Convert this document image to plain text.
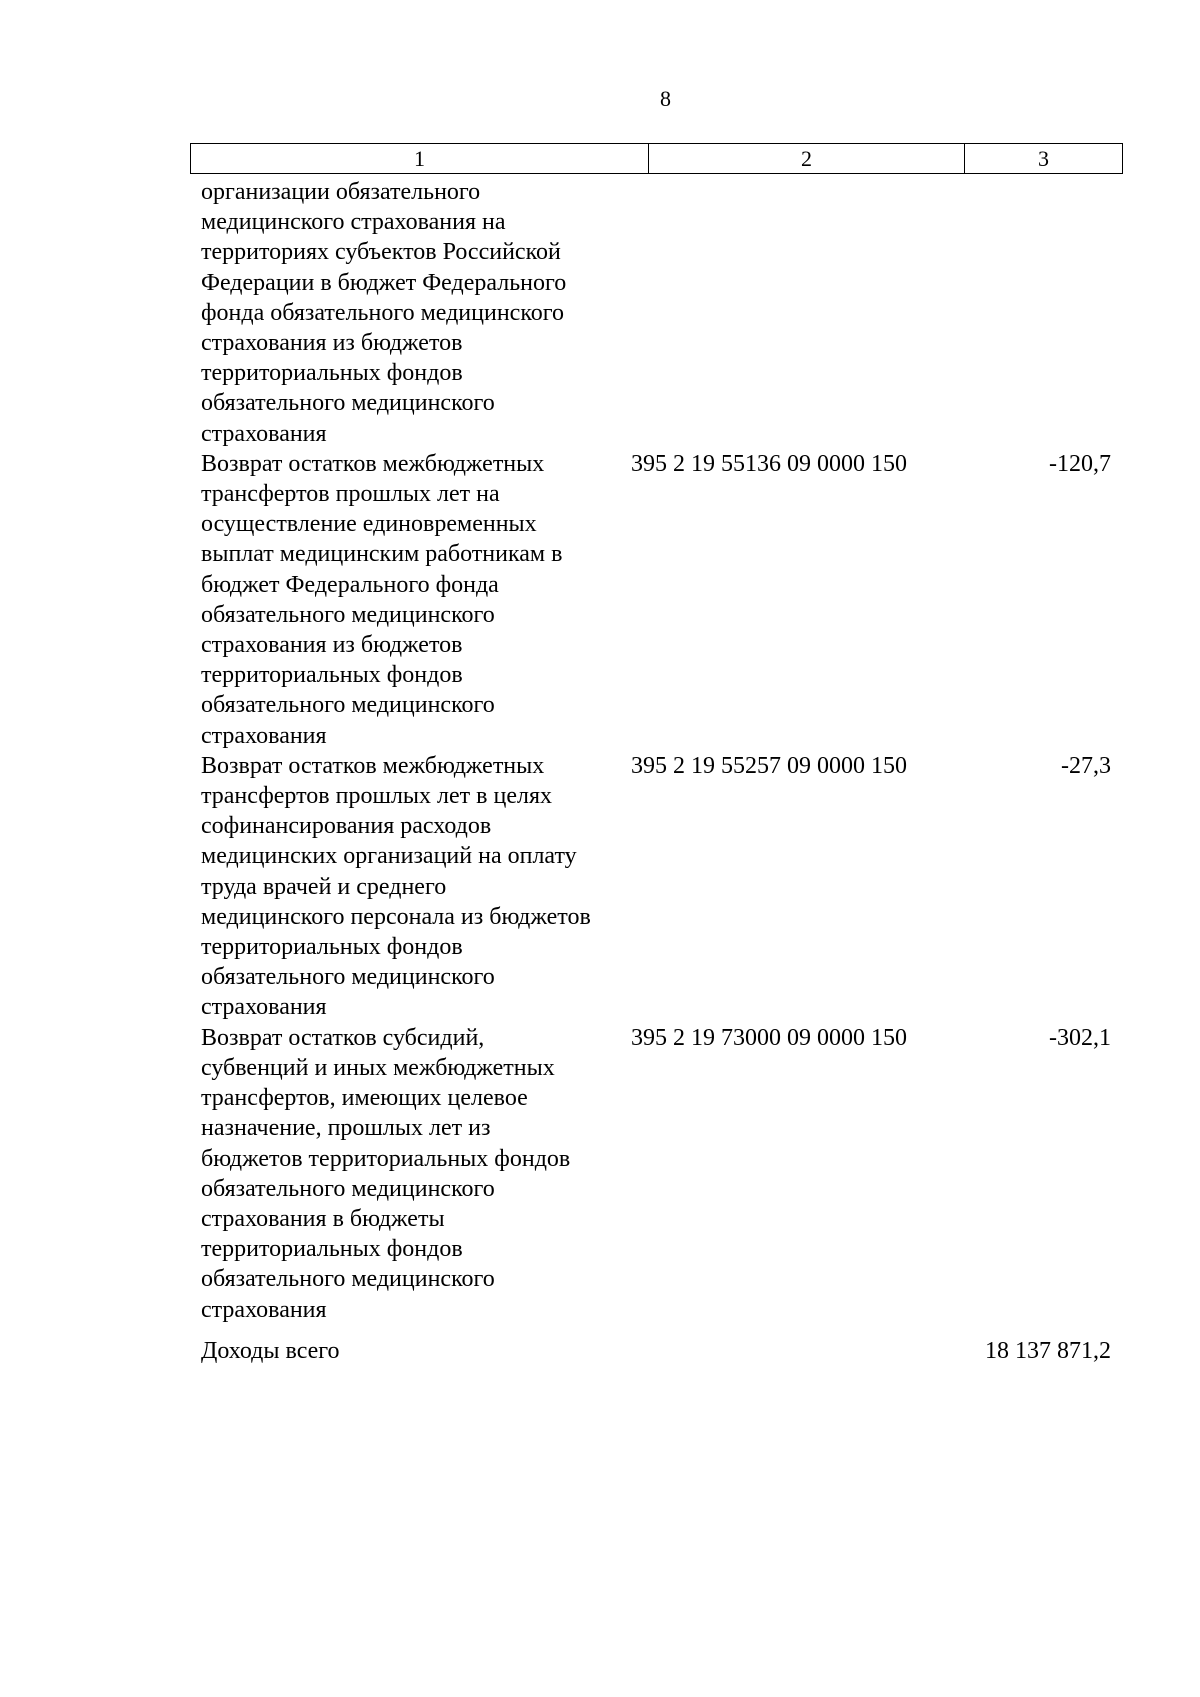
8
1	2	3
организации обязательного
медицинского страхования на
территориях субъектов Российской
Федерации в бюджет Федерального
фонда обязательного медицинского
страхования из бюджетов
территориальных фондов
обязательного медицинского
страхования
Возврат остатков межбюджетных
трансфертов прошлых лет на
осуществление единовременных
выплат медицинским работникам в
бюджет Федерального фонда
обязательного медицинского
страхования из бюджетов
территориальных фондов
обязательного медицинского
страхования
395 2 19 55136 09 0000 150	-120,7
Возврат остатков межбюджетных
трансфертов прошлых лет в целях
софинансирования расходов
медицинских организаций на оплату
труда врачей и среднего
медицинского персонала из бюджетов
территориальных фондов
обязательного медицинского
страхования
395 2 19 55257 09 0000 150	-27,3
Возврат остатков субсидий,
субвенций и иных межбюджетных
трансфертов, имеющих целевое
назначение, прошлых лет из
бюджетов территориальных фондов
обязательного медицинского
страхования в бюджеты
территориальных фондов
обязательного медицинского
страхования
395 2 19 73000 09 0000 150	-302,1
Доходы всего	18 137 871,2
